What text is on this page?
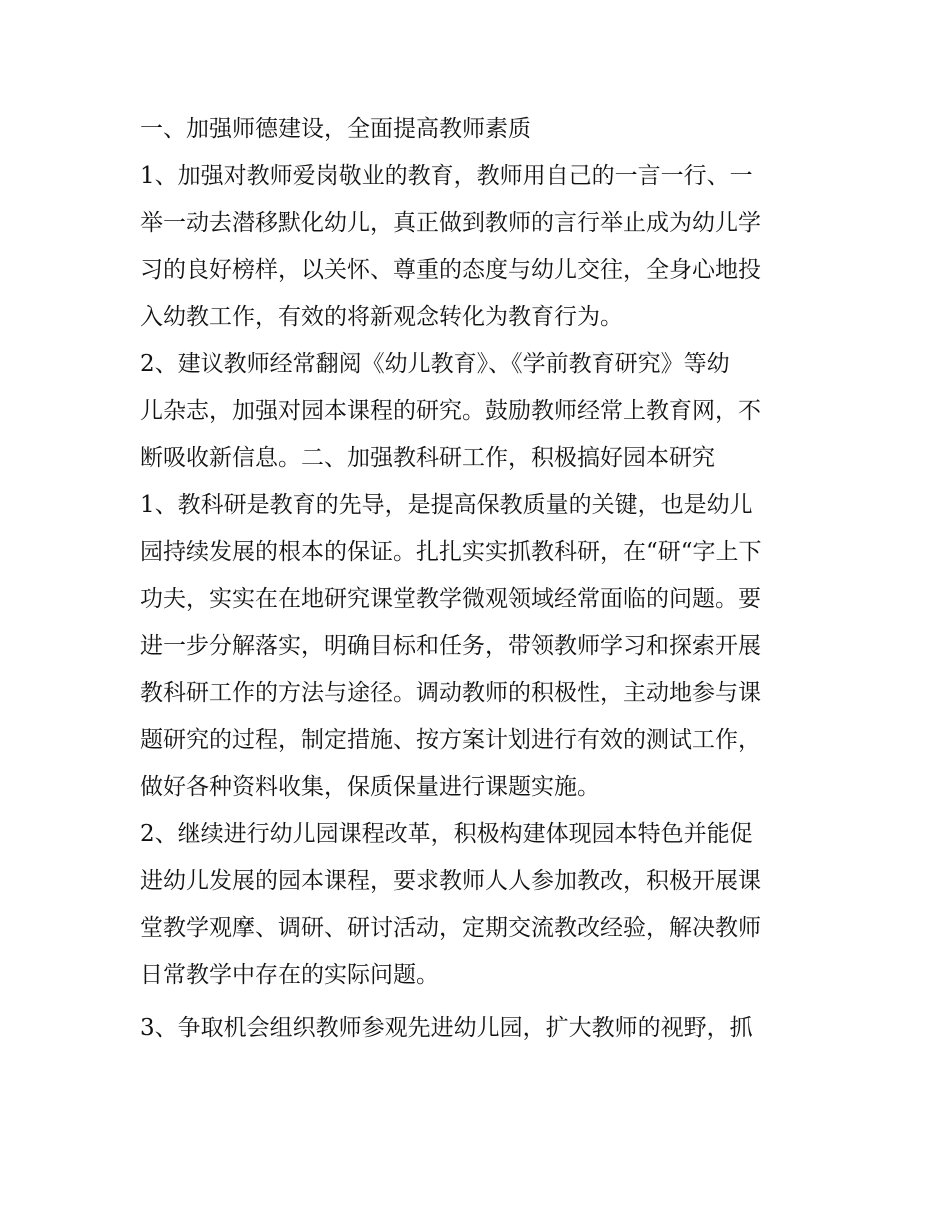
一、加强师德建设，全面提高教师素质

1、加强对教师爱岗敬业的教育，教师用自己的一言一行、一

举一动去潜移默化幼儿，真正做到教师的言行举止成为幼儿学

习的良好榜样，以关怀、尊重的态度与幼儿交往，全身心地投

入幼教工作，有效的将新观念转化为教育行为。

2、建议教师经常翻阅《幼儿教育》、《学前教育研究》等幼

儿杂志，加强对园本课程的研究。鼓励教师经常上教育网，不

断吸收新信息。二、加强教科研工作，积极搞好园本研究

1、教科研是教育的先导，是提高保教质量的关键，也是幼儿

园持续发展的根本的保证。扎扎实实抓教科研，在“研“字上下

功夫，实实在在地研究课堂教学微观领域经常面临的问题。要

进一步分解落实，明确目标和任务，带领教师学习和探索开展

教科研工作的方法与途径。调动教师的积极性，主动地参与课

题研究的过程，制定措施、按方案计划进行有效的测试工作，

做好各种资料收集，保质保量进行课题实施。

2、继续进行幼儿园课程改革，积极构建体现园本特色并能促

进幼儿发展的园本课程，要求教师人人参加教改，积极开展课

堂教学观摩、调研、研讨活动，定期交流教改经验，解决教师

日常教学中存在的实际问题。

3、争取机会组织教师参观先进幼儿园，扩大教师的视野，抓
